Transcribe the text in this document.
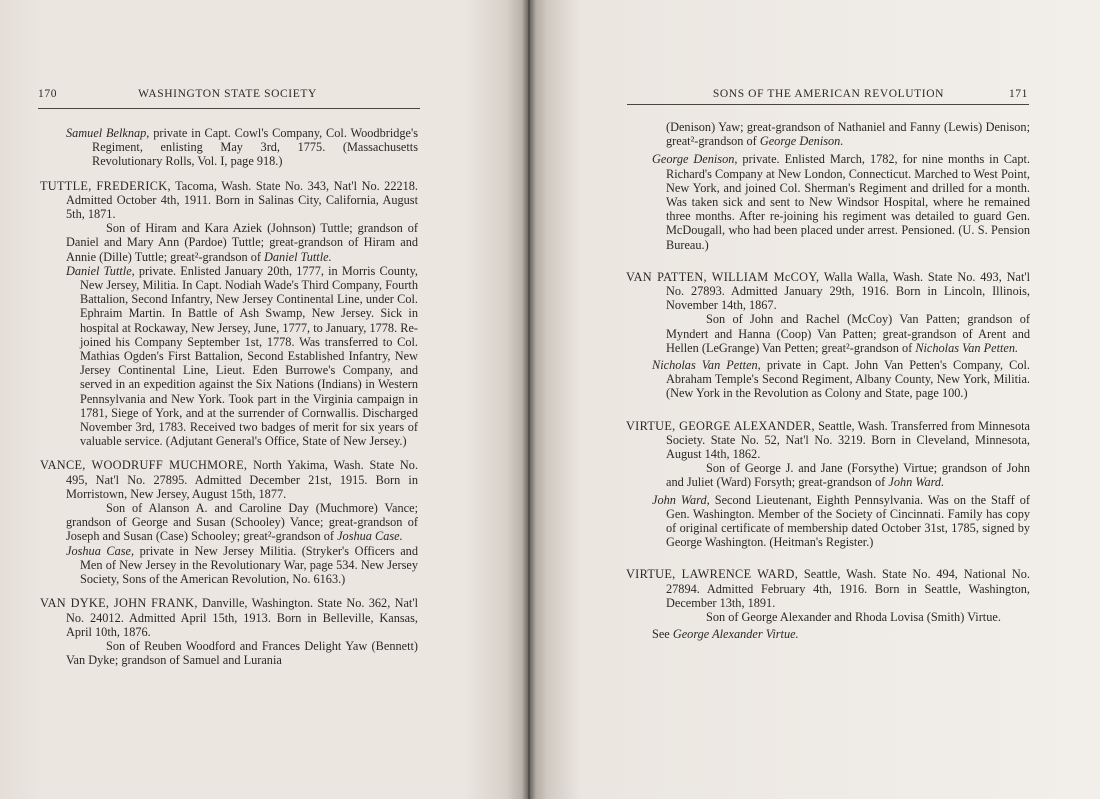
170	WASHINGTON STATE SOCIETY

Samuel Belknap, private in Capt. Cowl's Company, Col. Woodbridge's Regiment, enlisting May 3rd, 1775. (Massachusetts Revolutionary Rolls, Vol. I, page 918.)

TUTTLE, FREDERICK, Tacoma, Wash. State No. 343, Nat'l No. 22218. Admitted October 4th, 1911. Born in Salinas City, California, August 5th, 1871.

Son of Hiram and Kara Aziek (Johnson) Tuttle; grandson of Daniel and Mary Ann (Pardoe) Tuttle; great-grandson of Hiram and Annie (Dille) Tuttle; great²-grandson of Daniel Tuttle.

Daniel Tuttle, private. Enlisted January 20th, 1777, in Morris County, New Jersey, Militia. In Capt. Nodiah Wade's Third Company, Fourth Battalion, Second Infantry, New Jersey Continental Line, under Col. Ephraim Martin. In Battle of Ash Swamp, New Jersey. Sick in hospital at Rockaway, New Jersey, June, 1777, to January, 1778. Re-joined his Company September 1st, 1778. Was transferred to Col. Mathias Ogden's First Battalion, Second Established Infantry, New Jersey Continental Line, Lieut. Eden Burrowe's Company, and served in an expedition against the Six Nations (Indians) in Western Pennsylvania and New York. Took part in the Virginia campaign in 1781, Siege of York, and at the surrender of Cornwallis. Discharged November 3rd, 1783. Received two badges of merit for six years of valuable service. (Adjutant General's Office, State of New Jersey.)

VANCE, WOODRUFF MUCHMORE, North Yakima, Wash. State No. 495, Nat'l No. 27895. Admitted December 21st, 1915. Born in Morristown, New Jersey, August 15th, 1877.

Son of Alanson A. and Caroline Day (Muchmore) Vance; grandson of George and Susan (Schooley) Vance; great-grandson of Joseph and Susan (Case) Schooley; great²-grandson of Joshua Case.

Joshua Case, private in New Jersey Militia. (Stryker's Officers and Men of New Jersey in the Revolutionary War, page 534. New Jersey Society, Sons of the American Revolution, No. 6163.)

VAN DYKE, JOHN FRANK, Danville, Washington. State No. 362, Nat'l No. 24012. Admitted April 15th, 1913. Born in Belleville, Kansas, April 10th, 1876.

Son of Reuben Woodford and Frances Delight Yaw (Bennett) Van Dyke; grandson of Samuel and Lurania

SONS OF THE AMERICAN REVOLUTION	171

(Denison) Yaw; great-grandson of Nathaniel and Fanny (Lewis) Denison; great²-grandson of George Denison.

George Denison, private. Enlisted March, 1782, for nine months in Capt. Richard's Company at New London, Connecticut. Marched to West Point, New York, and joined Col. Sherman's Regiment and drilled for a month. Was taken sick and sent to New Windsor Hospital, where he remained three months. After re-joining his regiment was detailed to guard Gen. McDougall, who had been placed under arrest. Pensioned. (U. S. Pension Bureau.)

VAN PATTEN, WILLIAM McCOY, Walla Walla, Wash. State No. 493, Nat'l No. 27893. Admitted January 29th, 1916. Born in Lincoln, Illinois, November 14th, 1867.

Son of John and Rachel (McCoy) Van Patten; grandson of Myndert and Hanna (Coop) Van Patten; great-grandson of Arent and Hellen (LeGrange) Van Petten; great²-grandson of Nicholas Van Petten.

Nicholas Van Petten, private in Capt. John Van Petten's Company, Col. Abraham Temple's Second Regiment, Albany County, New York, Militia. (New York in the Revolution as Colony and State, page 100.)

VIRTUE, GEORGE ALEXANDER, Seattle, Wash. Transferred from Minnesota Society. State No. 52, Nat'l No. 3219. Born in Cleveland, Minnesota, August 14th, 1862.

Son of George J. and Jane (Forsythe) Virtue; grandson of John and Juliet (Ward) Forsyth; great-grandson of John Ward.

John Ward, Second Lieutenant, Eighth Pennsylvania. Was on the Staff of Gen. Washington. Member of the Society of Cincinnati. Family has copy of original certificate of membership dated October 31st, 1785, signed by George Washington. (Heitman's Register.)

VIRTUE, LAWRENCE WARD, Seattle, Wash. State No. 494, National No. 27894. Admitted February 4th, 1916. Born in Seattle, Washington, December 13th, 1891.

Son of George Alexander and Rhoda Lovisa (Smith) Virtue.

See George Alexander Virtue.
